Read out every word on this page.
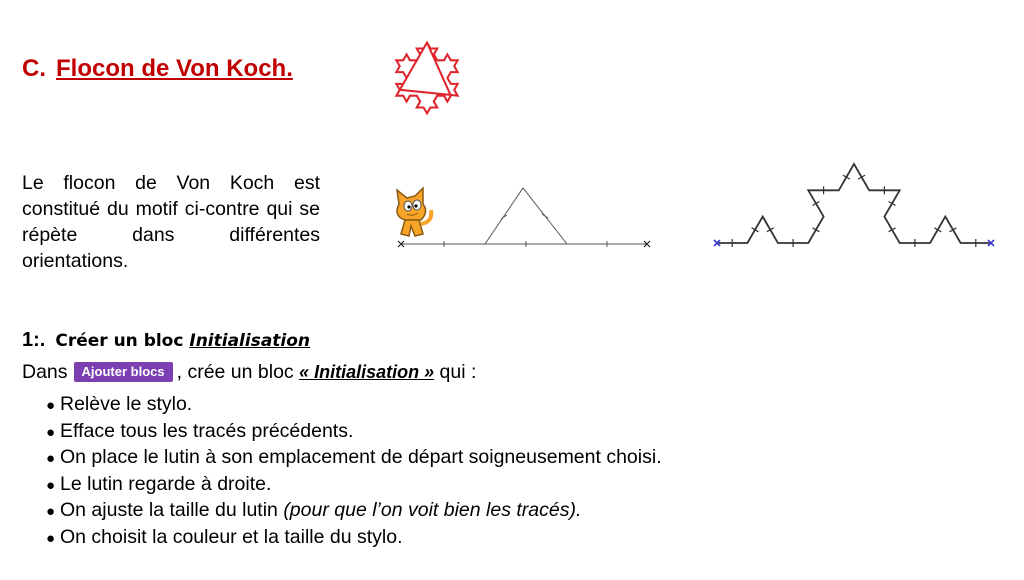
C. Flocon de Von Koch.
Le flocon de Von Koch est constitué du motif ci-contre qui se répète dans différentes orientations.
1:. Créer un bloc Initialisation
Dans Ajouter blocs , crée un bloc « Initialisation » qui :
● Relève le stylo.
● Efface tous les tracés précédents.
● On place le lutin à son emplacement de départ soigneusement choisi.
● Le lutin regarde à droite.
● On ajuste la taille du lutin (pour que l’on voit bien les tracés).
● On choisit la couleur et la taille du stylo.
